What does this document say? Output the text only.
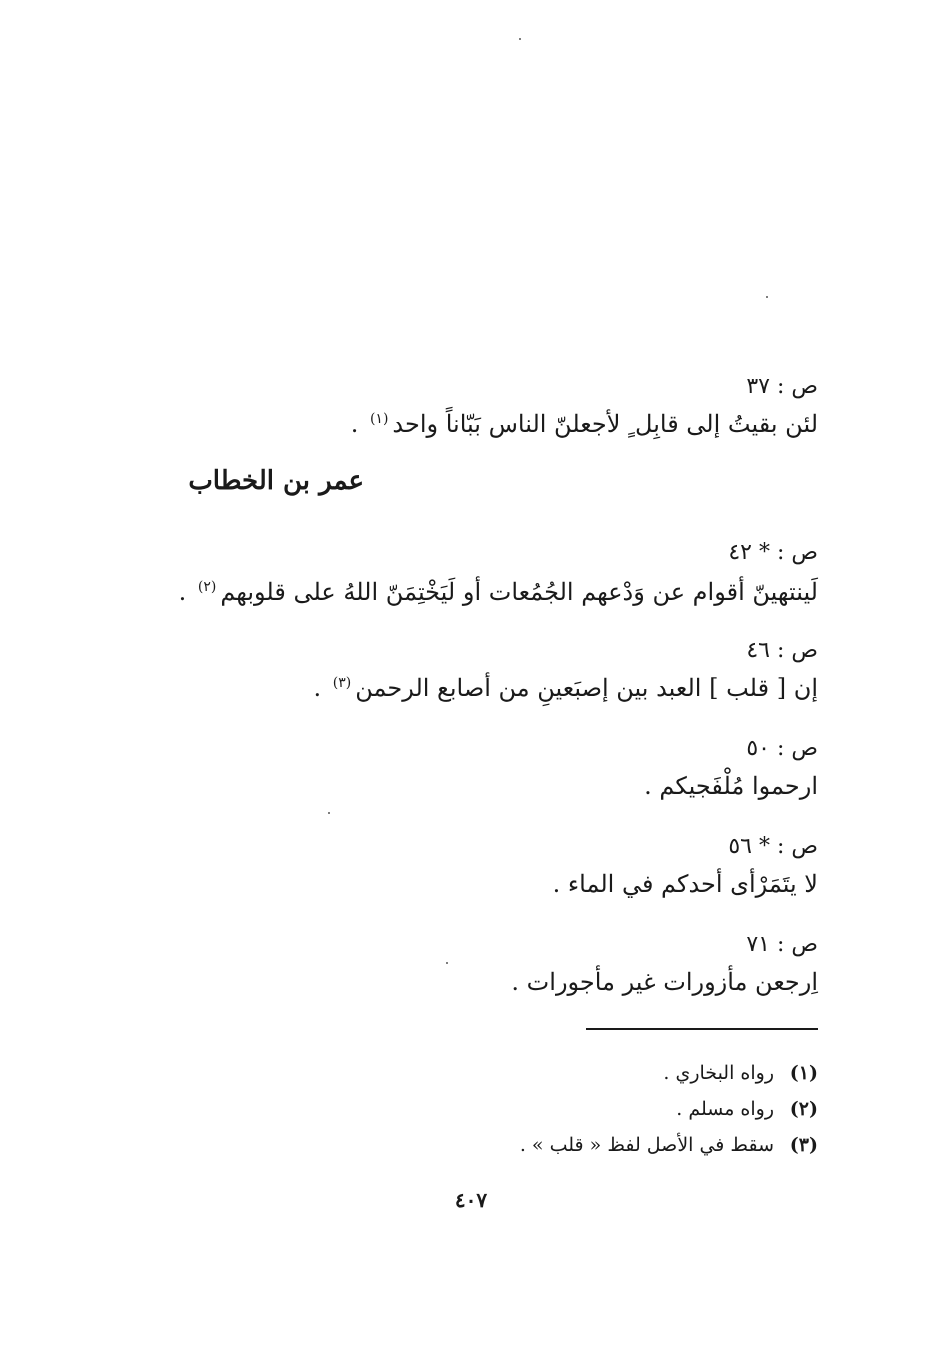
ص : ٣٧
لئن بقيتُ إلى قابِل ٍ لأجعلنّ الناس بَبّاناً واحد$^{(١)}$ .
عمر بن الخطاب
ص : * ٤٢
لَينتهينّ أقوام عن وَدْعهم الجُمُعات أو لَيَخْتِمَنّ اللهُ على قلوبهم$^{(٢)}$ .
ص : ٤٦
إن [ قلب ] العبد بين إصبَعينِ من أصابع الرحمن$^{(٣)}$ .
ص : ٥٠
ارحموا مُلْفَجيكم .
ص : * ٥٦
لا يتَمَرْأى أحدكم في الماء .
ص : ٧١
اِرجعن مأزورات غير مأجورات .
(١)رواه البخاري .
(٢)رواه مسلم .
(٣)سقط في الأصل لفظ « قلب » .
٤٠٧
